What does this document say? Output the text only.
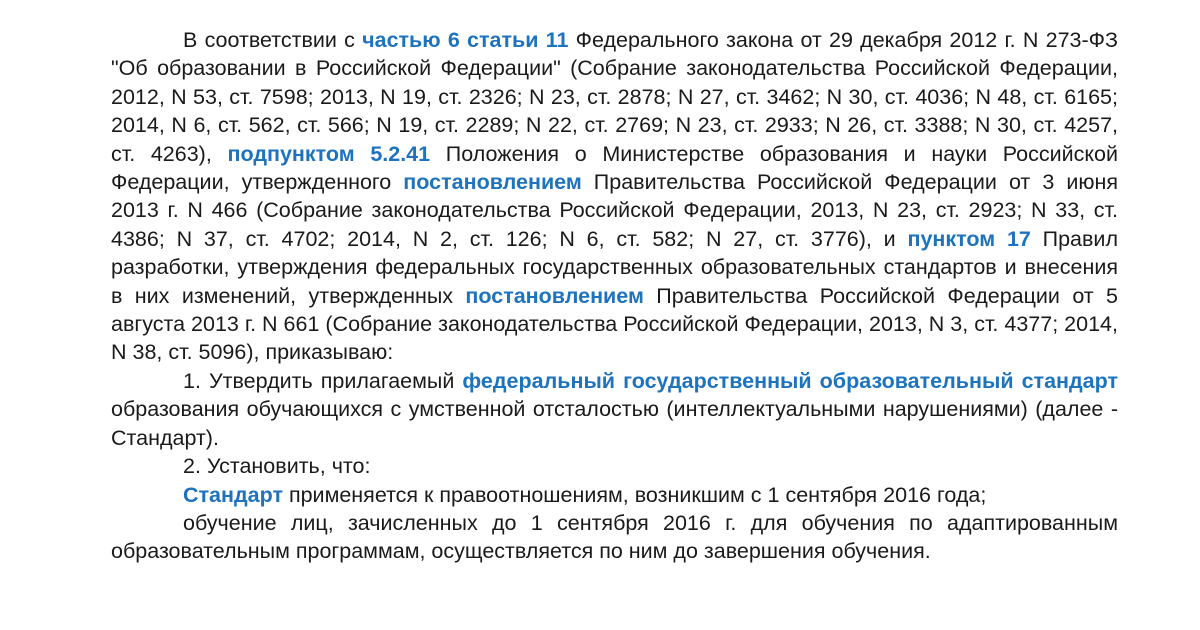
В соответствии с частью 6 статьи 11 Федерального закона от 29 декабря 2012 г. N 273-ФЗ "Об образовании в Российской Федерации" (Собрание законодательства Российской Федерации, 2012, N 53, ст. 7598; 2013, N 19, ст. 2326; N 23, ст. 2878; N 27, ст. 3462; N 30, ст. 4036; N 48, ст. 6165; 2014, N 6, ст. 562, ст. 566; N 19, ст. 2289; N 22, ст. 2769; N 23, ст. 2933; N 26, ст. 3388; N 30, ст. 4257, ст. 4263), подпунктом 5.2.41 Положения о Министерстве образования и науки Российской Федерации, утвержденного постановлением Правительства Российской Федерации от 3 июня 2013 г. N 466 (Собрание законодательства Российской Федерации, 2013, N 23, ст. 2923; N 33, ст. 4386; N 37, ст. 4702; 2014, N 2, ст. 126; N 6, ст. 582; N 27, ст. 3776), и пунктом 17 Правил разработки, утверждения федеральных государственных образовательных стандартов и внесения в них изменений, утвержденных постановлением Правительства Российской Федерации от 5 августа 2013 г. N 661 (Собрание законодательства Российской Федерации, 2013, N 3, ст. 4377; 2014, N 38, ст. 5096), приказываю:

1. Утвердить прилагаемый федеральный государственный образовательный стандарт образования обучающихся с умственной отсталостью (интеллектуальными нарушениями) (далее - Стандарт).

2. Установить, что:

Стандарт применяется к правоотношениям, возникшим с 1 сентября 2016 года;

обучение лиц, зачисленных до 1 сентября 2016 г. для обучения по адаптированным образовательным программам, осуществляется по ним до завершения обучения.
